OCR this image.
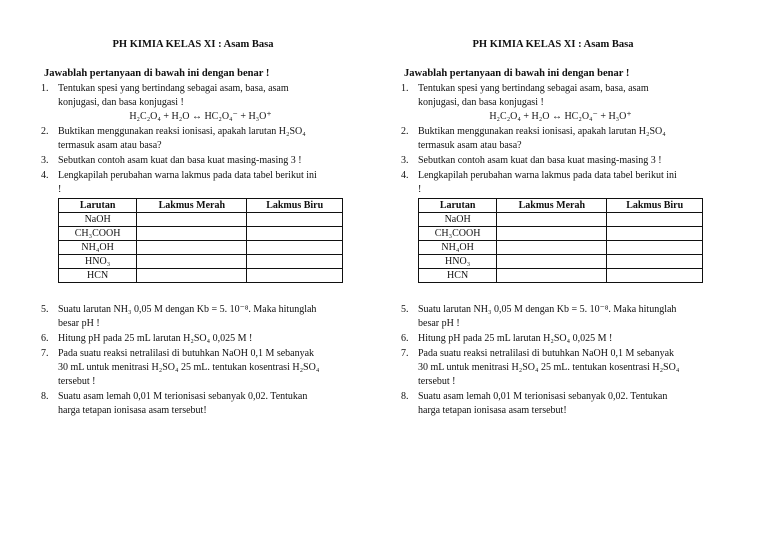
PH KIMIA KELAS XI : Asam Basa
Jawablah pertanyaan di bawah ini dengan benar !
1. Tentukan spesi yang bertindang sebagai asam, basa, asam
konjugasi, dan basa konjugasi !
H₂C₂O₄ + H₂O ↔ HC₂O₄⁻ + H₃O⁺
2. Buktikan menggunakan reaksi ionisasi, apakah larutan H₂SO₄
termasuk asam atau basa?
3. Sebutkan contoh asam kuat dan basa kuat masing-masing 3 !
4. Lengkapilah perubahan warna lakmus pada data tabel berikut ini
!
Larutan	Lakmus Merah	Lakmus Biru
NaOH		
CH₃COOH		
NH₄OH		
HNO₃		
HCN		
5. Suatu larutan NH₃ 0,05 M dengan Kb = 5. 10⁻⁸. Maka hitunglah
besar pH !
6. Hitung pH pada 25 mL larutan H₂SO₄ 0,025 M !
7. Pada suatu reaksi netralilasi di butuhkan NaOH 0,1 M sebanyak
30 mL untuk menitrasi H₂SO₄ 25 mL. tentukan kosentrasi H₂SO₄
tersebut !
8. Suatu asam lemah 0,01 M terionisasi sebanyak 0,02. Tentukan
harga tetapan ionisasa asam tersebut!
PH KIMIA KELAS XI : Asam Basa
Jawablah pertanyaan di bawah ini dengan benar !
1. Tentukan spesi yang bertindang sebagai asam, basa, asam
konjugasi, dan basa konjugasi !
H₂C₂O₄ + H₂O ↔ HC₂O₄⁻ + H₃O⁺
2. Buktikan menggunakan reaksi ionisasi, apakah larutan H₂SO₄
termasuk asam atau basa?
3. Sebutkan contoh asam kuat dan basa kuat masing-masing 3 !
4. Lengkapilah perubahan warna lakmus pada data tabel berikut ini
!
Larutan	Lakmus Merah	Lakmus Biru
NaOH		
CH₃COOH		
NH₄OH		
HNO₃		
HCN		
5. Suatu larutan NH₃ 0,05 M dengan Kb = 5. 10⁻⁸. Maka hitunglah
besar pH !
6. Hitung pH pada 25 mL larutan H₂SO₄ 0,025 M !
7. Pada suatu reaksi netralilasi di butuhkan NaOH 0,1 M sebanyak
30 mL untuk menitrasi H₂SO₄ 25 mL. tentukan kosentrasi H₂SO₄
tersebut !
8. Suatu asam lemah 0,01 M terionisasi sebanyak 0,02. Tentukan
harga tetapan ionisasa asam tersebut!
